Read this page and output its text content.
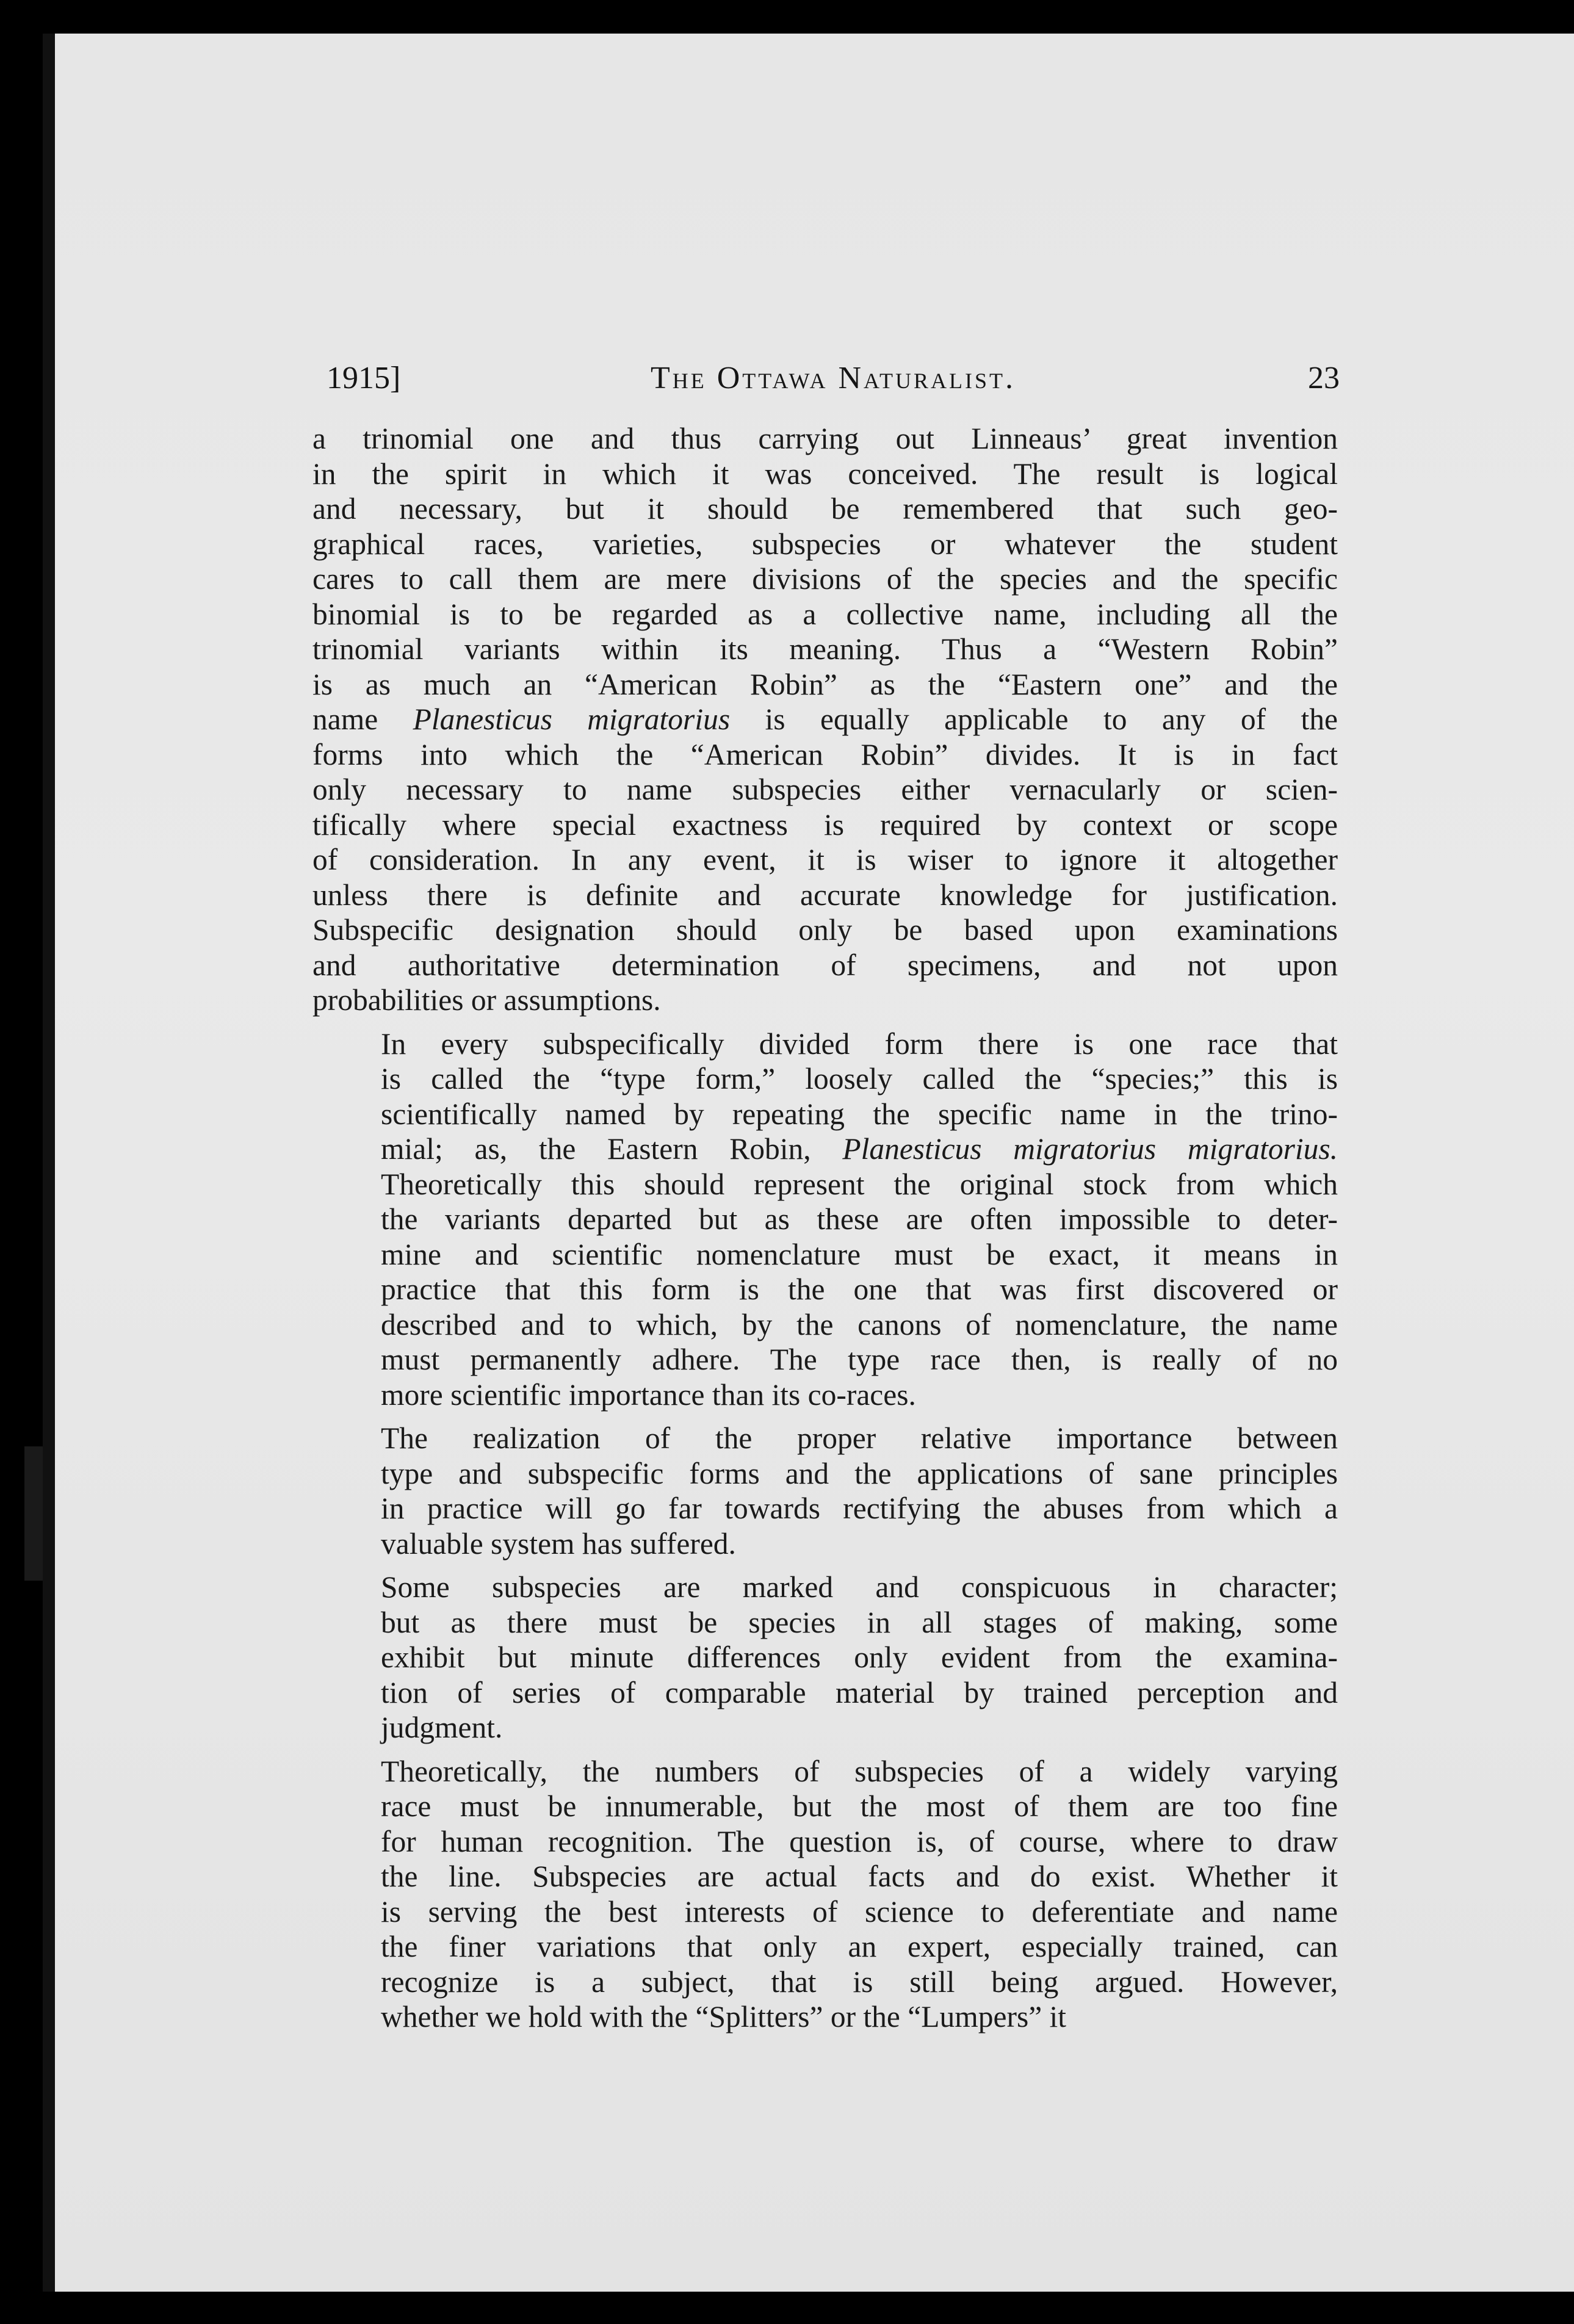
1915]	The Ottawa Naturalist.	23

a trinomial one and thus carrying out Linneaus’ great invention
in the spirit in which it was conceived. The result is logical
and necessary, but it should be remembered that such geo-
graphical races, varieties, subspecies or whatever the student
cares to call them are mere divisions of the species and the specific
binomial is to be regarded as a collective name, including all the
trinomial variants within its meaning. Thus a “Western Robin”
is as much an “American Robin” as the “Eastern one” and the
name Planesticus migratorius is equally applicable to any of the
forms into which the “American Robin” divides. It is in fact
only necessary to name subspecies either vernacularly or scien-
tifically where special exactness is required by context or scope
of consideration. In any event, it is wiser to ignore it altogether
unless there is definite and accurate knowledge for justification.
Subspecific designation should only be based upon examinations
and authoritative determination of specimens, and not upon
probabilities or assumptions.

In every subspecifically divided form there is one race that
is called the “type form,” loosely called the “species;” this is
scientifically named by repeating the specific name in the trino-
mial; as, the Eastern Robin, Planesticus migratorius migratorius.
Theoretically this should represent the original stock from which
the variants departed but as these are often impossible to deter-
mine and scientific nomenclature must be exact, it means in
practice that this form is the one that was first discovered or
described and to which, by the canons of nomenclature, the name
must permanently adhere. The type race then, is really of no
more scientific importance than its co-races.

The realization of the proper relative importance between
type and subspecific forms and the applications of sane principles
in practice will go far towards rectifying the abuses from which a
valuable system has suffered.

Some subspecies are marked and conspicuous in character;
but as there must be species in all stages of making, some
exhibit but minute differences only evident from the examina-
tion of series of comparable material by trained perception and
judgment.

Theoretically, the numbers of subspecies of a widely varying
race must be innumerable, but the most of them are too fine
for human recognition. The question is, of course, where to draw
the line. Subspecies are actual facts and do exist. Whether it
is serving the best interests of science to deferentiate and name
the finer variations that only an expert, especially trained, can
recognize is a subject, that is still being argued. However,
whether we hold with the “Splitters” or the “Lumpers” it
